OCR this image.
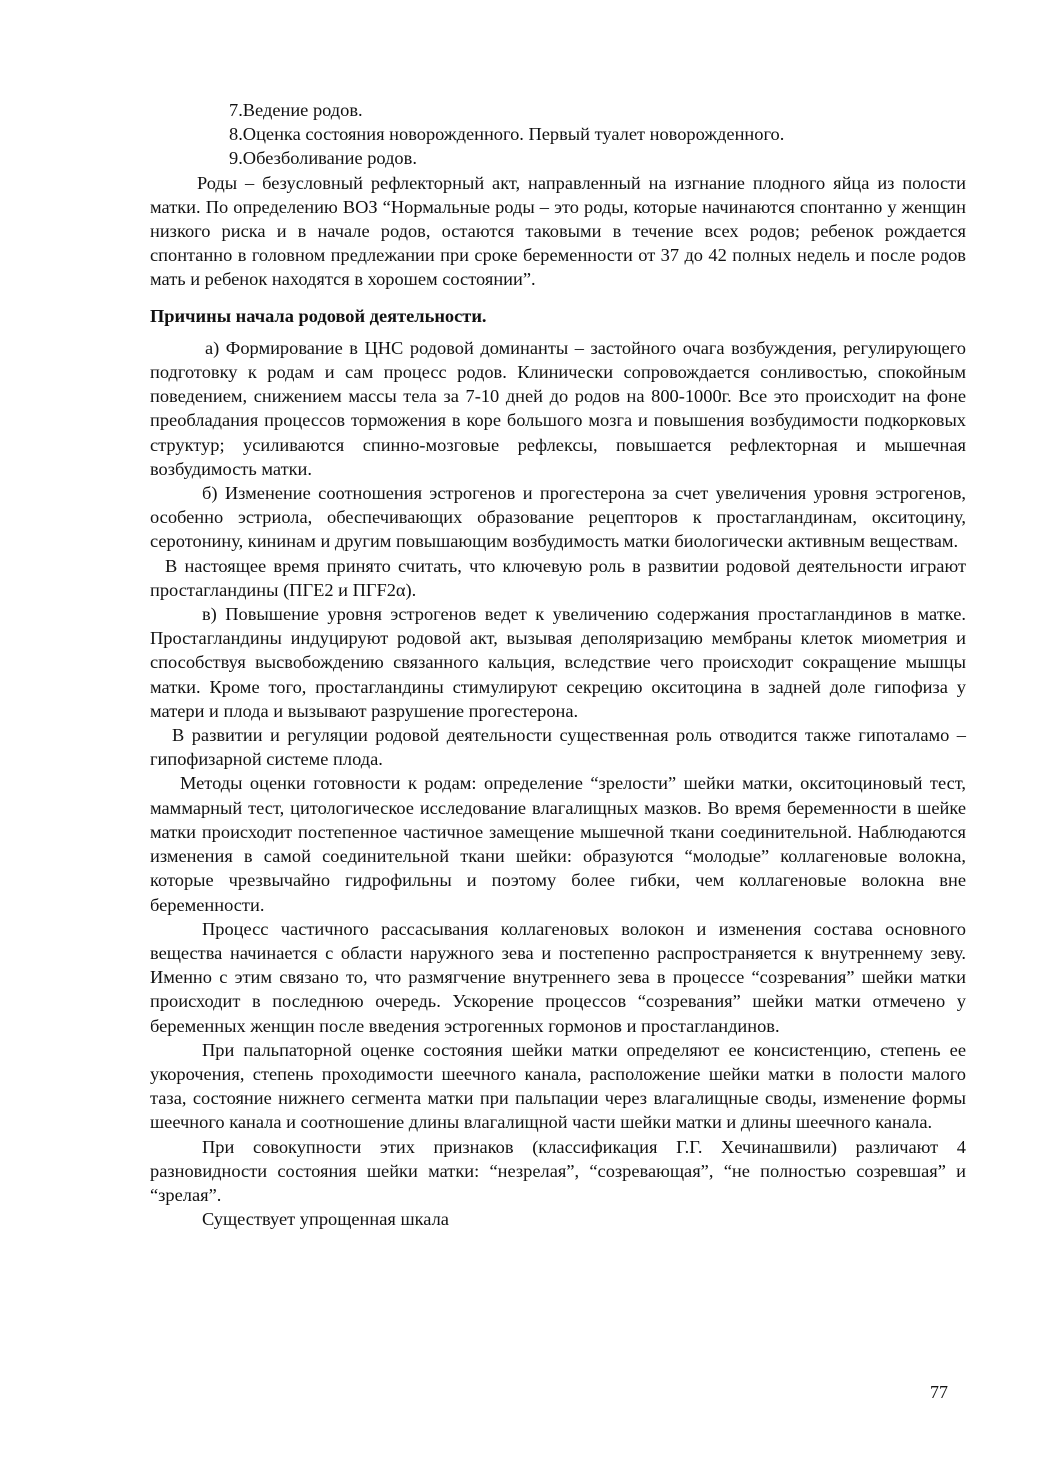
7.Ведение родов.

8.Оценка состояния новорожденного. Первый туалет новорожденного.

9.Обезболивание родов.

Роды – безусловный рефлекторный акт, направленный на изгнание плодного яйца из полости матки. По определению ВОЗ “Нормальные роды – это роды, которые начинаются спонтанно у женщин низкого риска и в начале родов, остаются таковыми в течение всех родов; ребенок рождается спонтанно в головном предлежании при сроке беременности от 37 до 42 полных недель и после родов мать и ребенок находятся в хорошем состоянии”.

Причины начала родовой деятельности.

а) Формирование в ЦНС родовой доминанты – застойного очага возбуждения, регулирующего подготовку к родам и сам процесс родов. Клинически сопровождается сонливостью, спокойным поведением, снижением массы тела за 7-10 дней до родов на 800-1000г. Все это происходит на фоне преобладания процессов торможения в коре большого мозга и повышения возбудимости подкорковых структур; усиливаются спинно-мозговые рефлексы, повышается рефлекторная и мышечная возбудимость матки.

б) Изменение соотношения эстрогенов и прогестерона за счет увеличения уровня эстрогенов, особенно эстриола, обеспечивающих образование рецепторов к простагландинам, окситоцину, серотонину, кининам и другим повышающим возбудимость матки биологически активным веществам.

В настоящее время принято считать, что ключевую роль в развитии родовой деятельности играют простагландины (ПГЕ2 и ПГF2α).

в) Повышение уровня эстрогенов ведет к увеличению содержания простагландинов в матке. Простагландины индуцируют родовой акт, вызывая деполяризацию мембраны клеток миометрия и способствуя высвобождению связанного кальция, вследствие чего происходит сокращение мышцы матки. Кроме того, простагландины стимулируют секрецию окситоцина в задней доле гипофиза у матери и плода и вызывают разрушение прогестерона.

В развитии и регуляции родовой деятельности существенная роль отводится также гипоталамо – гипофизарной системе плода.

Методы оценки готовности к родам: определение “зрелости” шейки матки, окситоциновый тест, маммарный тест, цитологическое исследование влагалищных мазков. Во время беременности в шейке матки происходит постепенное частичное замещение мышечной ткани соединительной. Наблюдаются изменения в самой соединительной ткани шейки: образуются “молодые” коллагеновые волокна, которые чрезвычайно гидрофильны и поэтому более гибки, чем коллагеновые волокна вне беременности.

Процесс частичного рассасывания коллагеновых волокон и изменения состава основного вещества начинается с области наружного зева и постепенно распространяется к внутреннему зеву. Именно с этим связано то, что размягчение внутреннего зева в процессе “созревания” шейки матки происходит в последнюю очередь. Ускорение процессов “созревания” шейки матки отмечено у беременных женщин после введения эстрогенных гормонов и простагландинов.

При пальпаторной оценке состояния шейки матки определяют ее консистенцию, степень ее укорочения, степень проходимости шеечного канала, расположение шейки матки в полости малого таза, состояние нижнего сегмента матки при пальпации через влагалищные своды, изменение формы шеечного канала и соотношение длины влагалищной части шейки матки и длины шеечного канала.

При совокупности этих признаков (классификация Г.Г. Хечинашвили) различают 4 разновидности состояния шейки матки: “незрелая”, “созревающая”, “не полностью созревшая” и “зрелая”.

Существует упрощенная шкала

77
